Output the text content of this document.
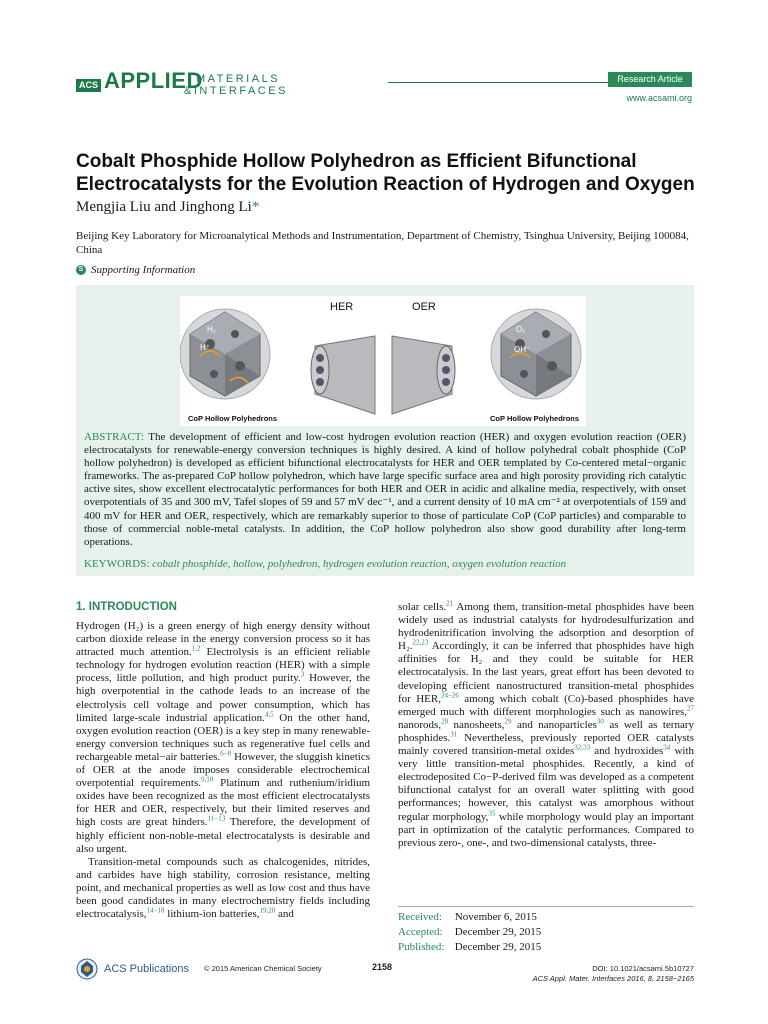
ACS APPLIED
MATERIALS
&INTERFACES
Research Article
www.acsami.org
Cobalt Phosphide Hollow Polyhedron as Efficient Bifunctional Electrocatalysts for the Evolution Reaction of Hydrogen and Oxygen
Mengjia Liu and Jinghong Li*
Beijing Key Laboratory for Microanalytical Methods and Instrumentation, Department of Chemistry, Tsinghua University, Beijing 100084, China
S Supporting Information
H₂
H⁺
O₂
OH⁻
HER	OER
CoP Hollow Polyhedrons	CoP Hollow Polyhedrons
ABSTRACT: The development of efficient and low-cost hydrogen evolution reaction (HER) and oxygen evolution reaction (OER) electrocatalysts for renewable-energy conversion techniques is highly desired. A kind of hollow polyhedral cobalt phosphide (CoP hollow polyhedron) is developed as efficient bifunctional electrocatalysts for HER and OER templated by Co-centered metal−organic frameworks. The as-prepared CoP hollow polyhedron, which have large specific surface area and high porosity providing rich catalytic active sites, show excellent electrocatalytic performances for both HER and OER in acidic and alkaline media, respectively, with onset overpotentials of 35 and 300 mV, Tafel slopes of 59 and 57 mV dec⁻¹, and a current density of 10 mA cm⁻² at overpotentials of 159 and 400 mV for HER and OER, respectively, which are remarkably superior to those of particulate CoP (CoP particles) and comparable to those of commercial noble-metal catalysts. In addition, the CoP hollow polyhedron also show good durability after long-term operations.
KEYWORDS: cobalt phosphide, hollow, polyhedron, hydrogen evolution reaction, oxygen evolution reaction
1. INTRODUCTION

Hydrogen (H₂) is a green energy of high energy density without carbon dioxide release in the energy conversion process so it has attracted much attention.$^{1,2}$ Electrolysis is an efficient reliable technology for hydrogen evolution reaction (HER) with a simple process, little pollution, and high product purity.$^3$ However, the high overpotential in the cathode leads to an increase of the electrolysis cell voltage and power consumption, which has limited large-scale industrial application.$^{4,5}$ On the other hand, oxygen evolution reaction (OER) is a key step in many renewable-energy conversion techniques such as regenerative fuel cells and rechargeable metal−air batteries.$^{6-8}$ However, the sluggish kinetics of OER at the anode imposes considerable electrochemical overpotential requirements.$^{9,10}$ Platinum and ruthenium/iridium oxides have been recognized as the most efficient electrocatalysts for HER and OER, respectively, but their limited reserves and high costs are great hinders.$^{11-13}$ Therefore, the development of highly efficient non-noble-metal electrocatalysts is desirable and also urgent.

Transition-metal compounds such as chalcogenides, nitrides, and carbides have high stability, corrosion resistance, melting point, and mechanical properties as well as low cost and thus have been good candidates in many electrochemistry fields including electrocatalysis,$^{14-18}$ lithium-ion batteries,$^{19,20}$ and

solar cells.$^{21}$ Among them, transition-metal phosphides have been widely used as industrial catalysts for hydrodesulfurization and hydrodenitrification involving the adsorption and desorption of H₂.$^{22,23}$ Accordingly, it can be inferred that phosphides have high affinities for H₂ and they could be suitable for HER electrocatalysis. In the last years, great effort has been devoted to developing efficient nanostructured transition-metal phosphides for HER,$^{24-26}$ among which cobalt (Co)-based phosphides have emerged much with different morphologies such as nanowires,$^{27}$ nanorods,$^{28}$ nanosheets,$^{29}$ and nanoparticles$^{30}$ as well as ternary phosphides.$^{31}$ Nevertheless, previously reported OER catalysts mainly covered transition-metal oxides$^{32,33}$ and hydroxides$^{34}$ with very little transition-metal phosphides. Recently, a kind of electrodeposited Co−P-derived film was developed as a competent bifunctional catalyst for an overall water splitting with good performances; however, this catalyst was amorphous without regular morphology,$^{35}$ while morphology would play an important part in optimization of the catalytic performances. Compared to previous zero-, one-, and two-dimensional catalysts, three-

Received: November 6, 2015
Accepted: December 29, 2015
Published: December 29, 2015
ACS Publications © 2015 American Chemical Society	2158	DOI: 10.1021/acsami.5b10727
ACS Appl. Mater. Interfaces 2016, 8, 2158−2165
